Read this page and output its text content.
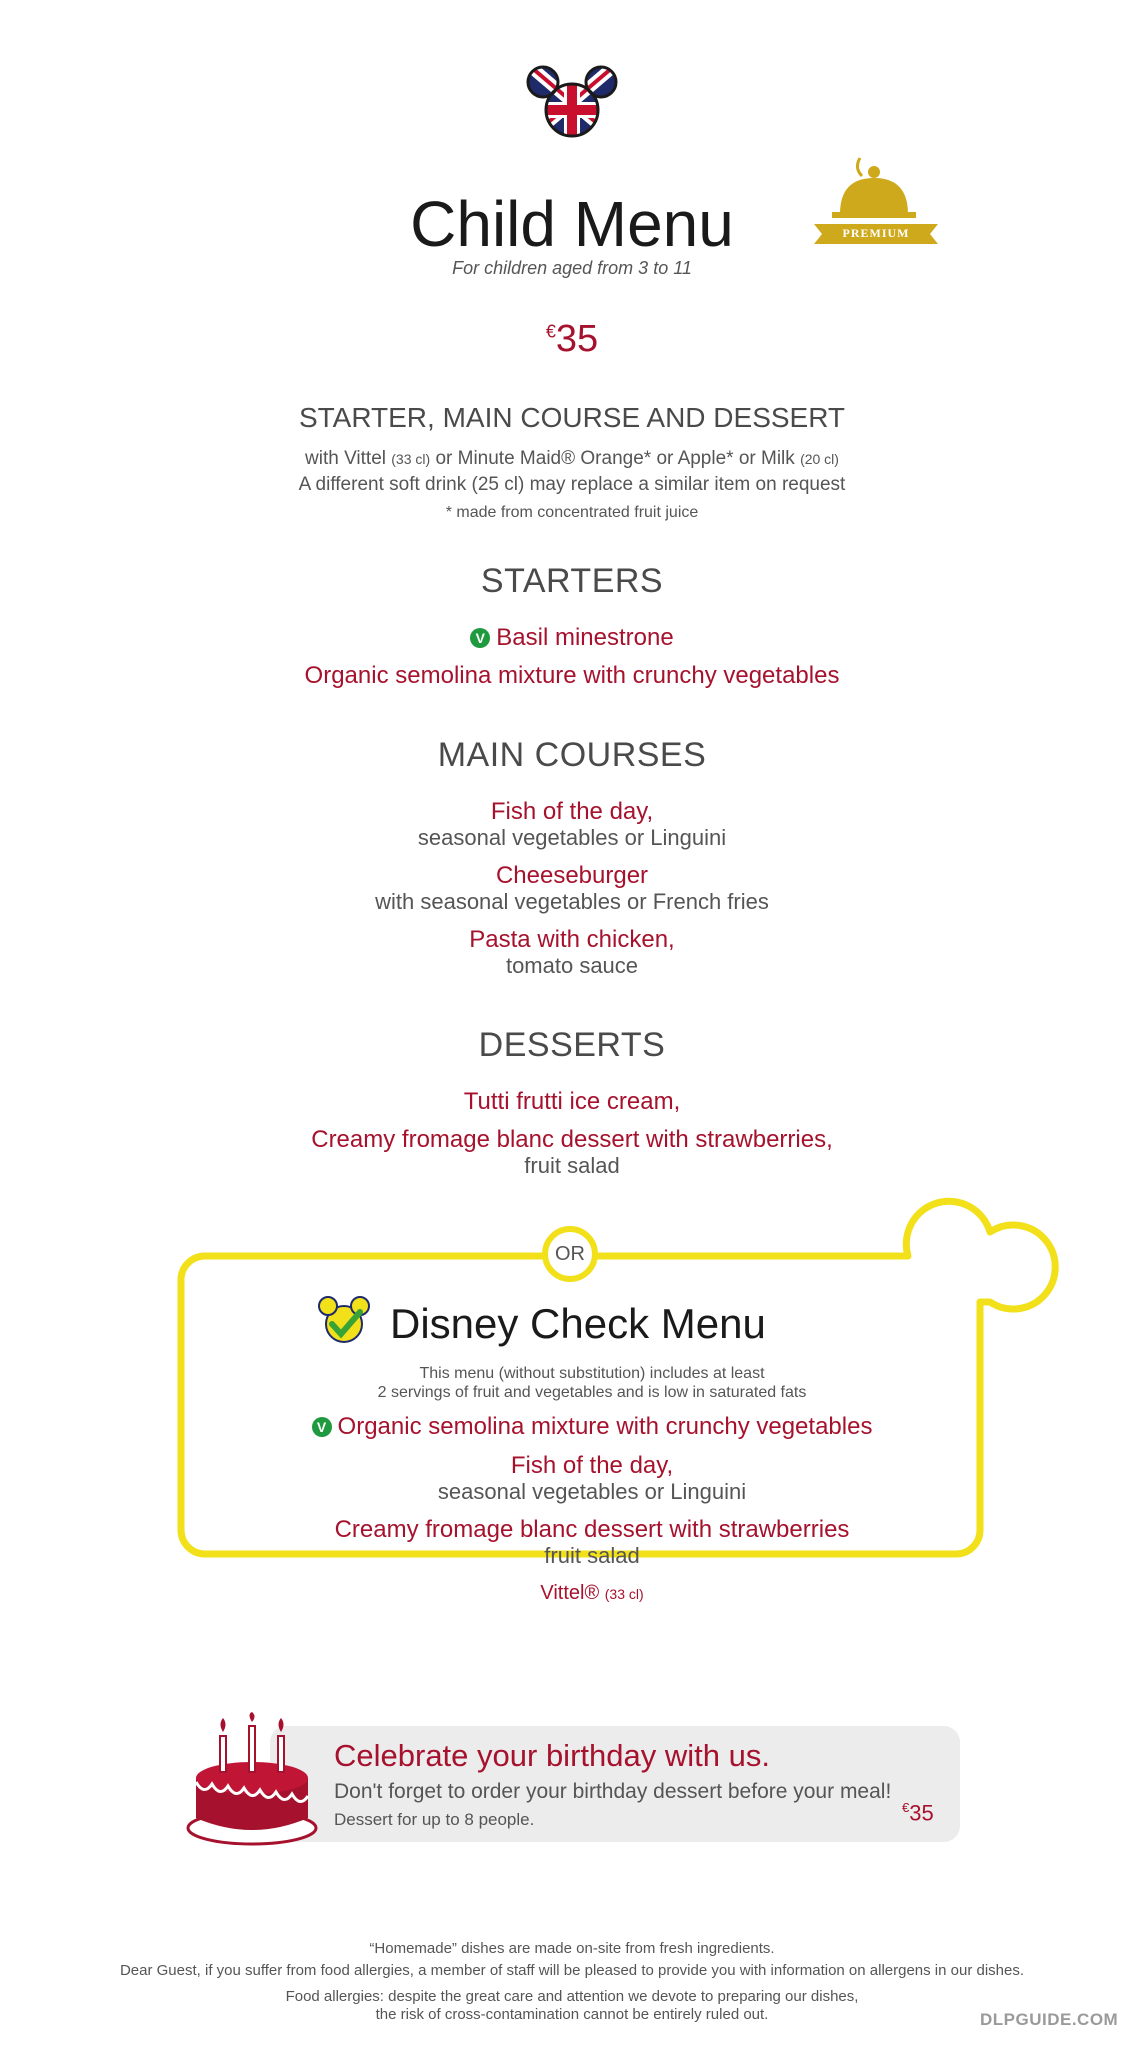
PREMIUM
Child Menu
For children aged from 3 to 11
€35
STARTER, MAIN COURSE AND DESSERT
with Vittel (33 cl) or Minute Maid® Orange* or Apple* or Milk (20 cl)
A different soft drink (25 cl) may replace a similar item on request
* made from concentrated fruit juice
STARTERS
V Basil minestrone
Organic semolina mixture with crunchy vegetables
MAIN COURSES
Fish of the day,
seasonal vegetables or Linguini
Cheeseburger
with seasonal vegetables or French fries
Pasta with chicken,
tomato sauce
DESSERTS
Tutti frutti ice cream,
Creamy fromage blanc dessert with strawberries,
fruit salad
OR
Disney Check Menu
This menu (without substitution) includes at least
2 servings of fruit and vegetables and is low in saturated fats
V Organic semolina mixture with crunchy vegetables
Fish of the day,
seasonal vegetables or Linguini
Creamy fromage blanc dessert with strawberries
fruit salad
Vittel® (33 cl)
Celebrate your birthday with us.
Don't forget to order your birthday dessert before your meal!
Dessert for up to 8 people.
€35
“Homemade” dishes are made on-site from fresh ingredients.
Dear Guest, if you suffer from food allergies, a member of staff will be pleased to provide you with information on allergens in our dishes.
Food allergies: despite the great care and attention we devote to preparing our dishes,
the risk of cross-contamination cannot be entirely ruled out.	DLPGUIDE.COM
